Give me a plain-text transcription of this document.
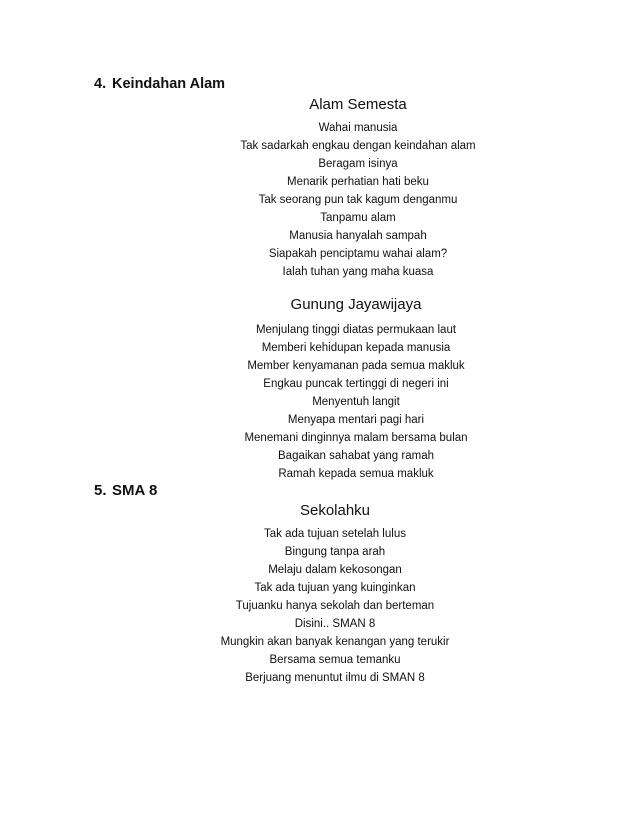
4. Keindahan Alam
Alam Semesta
Wahai manusia
Tak sadarkah engkau dengan keindahan alam
Beragam isinya
Menarik perhatian hati beku
Tak seorang pun tak kagum denganmu
Tanpamu alam
Manusia hanyalah sampah
Siapakah penciptamu wahai alam?
Ialah tuhan yang maha kuasa
Gunung Jayawijaya
Menjulang tinggi diatas permukaan laut
Memberi kehidupan kepada manusia
Member kenyamanan pada semua makluk
Engkau puncak tertinggi di negeri ini
Menyentuh langit
Menyapa mentari pagi hari
Menemani dinginnya malam bersama bulan
Bagaikan sahabat yang ramah
Ramah kepada semua makluk
5. SMA 8
Sekolahku
Tak ada tujuan setelah lulus
Bingung tanpa arah
Melaju dalam kekosongan
Tak ada tujuan yang kuinginkan
Tujuanku hanya sekolah dan berteman
Disini.. SMAN 8
Mungkin akan banyak kenangan yang terukir
Bersama semua temanku
Berjuang menuntut ilmu di SMAN 8
